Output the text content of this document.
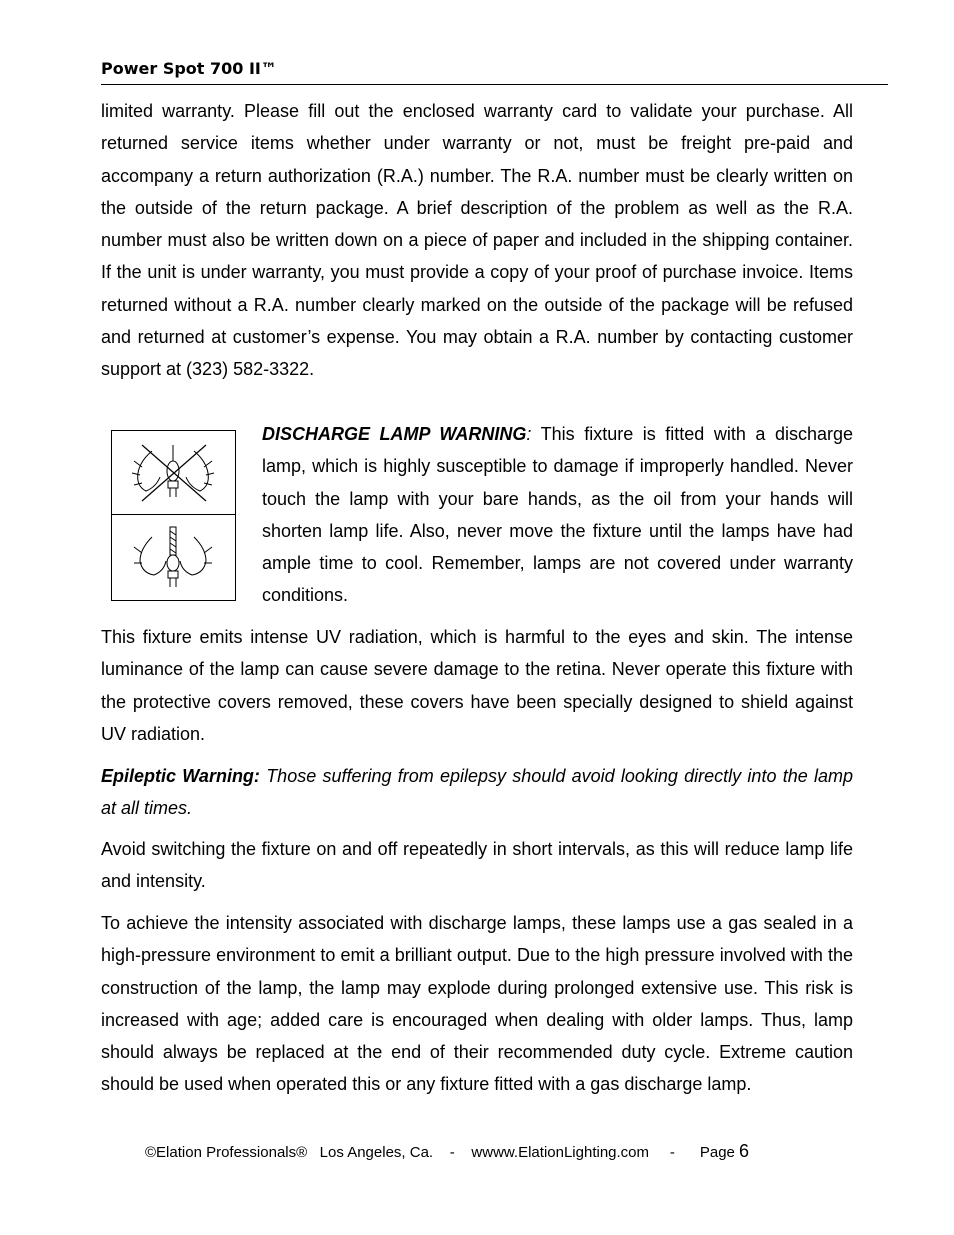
Power Spot 700 II™

limited warranty. Please fill out the enclosed warranty card to validate your purchase. All returned service items whether under warranty or not, must be freight pre-paid and accompany a return authorization (R.A.) number. The R.A. number must be clearly written on the outside of the return package. A brief description of the problem as well as the R.A. number must also be written down on a piece of paper and included in the shipping container. If the unit is under warranty, you must provide a copy of your proof of purchase invoice. Items returned without a R.A. number clearly marked on the outside of the package will be refused and returned at customer’s expense. You may obtain a R.A. number by contacting customer support at (323) 582-3322.

DISCHARGE LAMP WARNING: This fixture is fitted with a discharge lamp, which is highly susceptible to damage if improperly handled. Never touch the lamp with your bare hands, as the oil from your hands will shorten lamp life. Also, never move the fixture until the lamps have had ample time to cool. Remember, lamps are not covered under warranty conditions.

This fixture emits intense UV radiation, which is harmful to the eyes and skin. The intense luminance of the lamp can cause severe damage to the retina. Never operate this fixture with the protective covers removed, these covers have been specially designed to shield against UV radiation.

Epileptic Warning: Those suffering from epilepsy should avoid looking directly into the lamp at all times.

Avoid switching the fixture on and off repeatedly in short intervals, as this will reduce lamp life and intensity.

To achieve the intensity associated with discharge lamps, these lamps use a gas sealed in a high-pressure environment to emit a brilliant output. Due to the high pressure involved with the construction of the lamp, the lamp may explode during prolonged extensive use. This risk is increased with age; added care is encouraged when dealing with older lamps. Thus, lamp should always be replaced at the end of their recommended duty cycle. Extreme caution should be used when operated this or any fixture fitted with a gas discharge lamp.

©Elation Professionals®   Los Angeles, Ca.    -    wwww.ElationLighting.com     -      Page 6
